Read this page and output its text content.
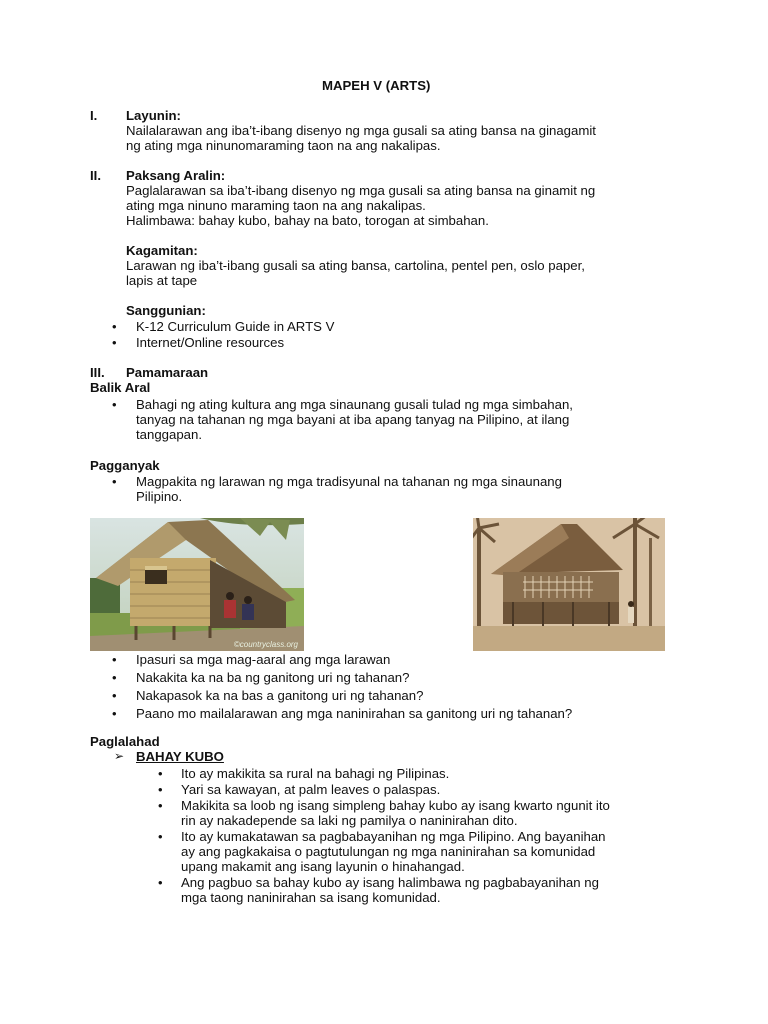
MAPEH V (ARTS)
I. Layunin:
Nailalarawan ang iba’t-ibang disenyo ng mga gusali sa ating bansa na ginagamit
ng ating mga ninunomaraming taon na ang nakalipas.
II. Paksang Aralin:
Paglalarawan sa iba’t-ibang disenyo ng mga gusali sa ating bansa na ginamit ng
ating mga ninuno maraming taon na ang nakalipas.
Halimbawa: bahay kubo, bahay na bato, torogan at simbahan.
Kagamitan:
Larawan ng iba’t-ibang gusali sa ating bansa, cartolina, pentel pen, oslo paper,
lapis at tape
Sanggunian:
• K-12 Curriculum Guide in ARTS V
• Internet/Online resources
III. Pamamaraan
Balik Aral
• Bahagi ng ating kultura ang mga sinaunang gusali tulad ng mga simbahan,
tanyag na tahanan ng mga bayani at iba apang tanyag na Pilipino, at ilang
tanggapan.
Pagganyak
• Magpakita ng larawan ng mga tradisyunal na tahanan ng mga sinaunang
Pilipino.
©countryclass.org
• Ipasuri sa mga mag-aaral ang mga larawan
• Nakakita ka na ba ng ganitong uri ng tahanan?
• Nakapasok ka na bas a ganitong uri ng tahanan?
• Paano mo mailalarawan ang mga naninirahan sa ganitong uri ng tahanan?
Paglalahad
➢ BAHAY KUBO
• Ito ay makikita sa rural na bahagi ng Pilipinas.
• Yari sa kawayan, at palm leaves o palaspas.
• Makikita sa loob ng isang simpleng bahay kubo ay isang kwarto ngunit ito
rin ay nakadepende sa laki ng pamilya o naninirahan dito.
• Ito ay kumakatawan sa pagbabayanihan ng mga Pilipino. Ang bayanihan
ay ang pagkakaisa o pagtutulungan ng mga naninirahan sa komunidad
upang makamit ang isang layunin o hinahangad.
• Ang pagbuo sa bahay kubo ay isang halimbawa ng pagbabayanihan ng
mga taong naninirahan sa isang komunidad.
